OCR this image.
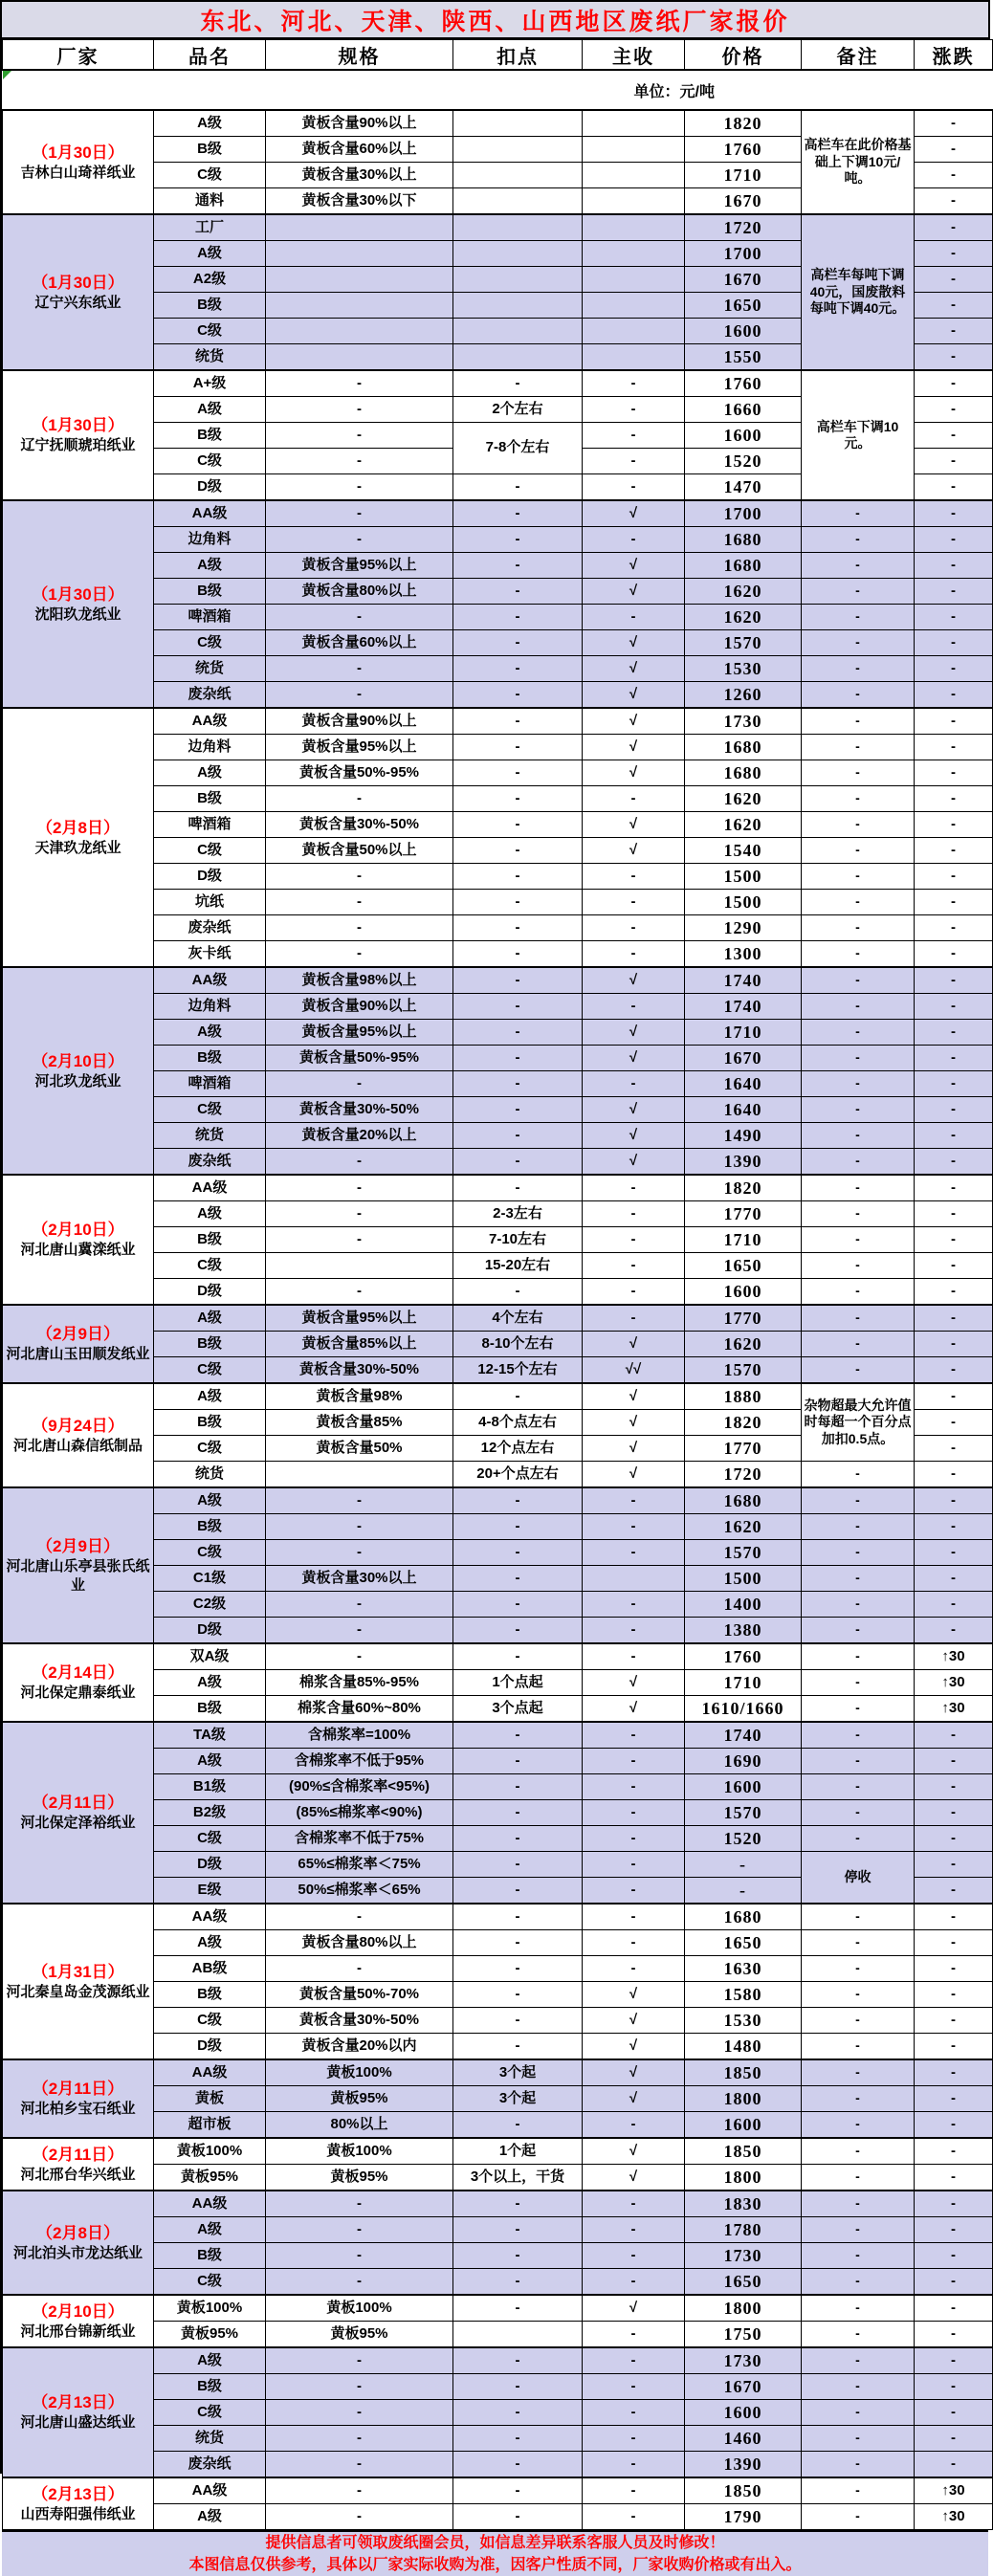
东北、河北、天津、陕西、山西地区废纸厂家报价
厂家	品名	规格	扣点	主收	价格	备注	涨跌
单位：元/吨							

（1月30日）
吉林白山琦祥纸业	A级	黄板含量90%以上			1820	高栏车在此价格基础上下调10元/吨。	-
	B级	黄板含量60%以上			1760		-
	C级	黄板含量30%以上			1710		-
	通料	黄板含量30%以下			1670		-

（1月30日）
辽宁兴东纸业	工厂				1720	高栏车每吨下调40元，国废散料每吨下调40元。	-
	A级				1700		-
	A2级				1670		-
	B级				1650		-
	C级				1600		-
	统货				1550		-

（1月30日）
辽宁抚顺琥珀纸业	A+级	-	-	-	1760	高栏车下调10元。	-
	A级	-	2个左右	-	1660		-
	B级	-	7-8个左右	-	1600		-
	C级	-		-	1520		-
	D级	-	-	-	1470		-

（1月30日）
沈阳玖龙纸业	AA级	-	-	√	1700	-	-
	边角料	-	-	-	1680	-	-
	A级	黄板含量95%以上	-	√	1680	-	-
	B级	黄板含量80%以上	-	√	1620	-	-
	啤酒箱	-	-	-	1620	-	-
	C级	黄板含量60%以上	-	√	1570	-	-
	统货	-	-	√	1530	-	-
	废杂纸	-	-	√	1260	-	-

（2月8日）
天津玖龙纸业	AA级	黄板含量90%以上	-	√	1730	-	-
	边角料	黄板含量95%以上	-	√	1680	-	-
	A级	黄板含量50%-95%	-	√	1680	-	-
	B级	-	-	-	1620	-	-
	啤酒箱	黄板含量30%-50%	-	√	1620	-	-
	C级	黄板含量50%以上	-	√	1540	-	-
	D级	-	-	-	1500	-	-
	坑纸	-	-	-	1500	-	-
	废杂纸	-	-	-	1290	-	-
	灰卡纸	-	-	-	1300	-	-

（2月10日）
河北玖龙纸业	AA级	黄板含量98%以上	-	√	1740	-	-
	边角料	黄板含量90%以上	-	-	1740	-	-
	A级	黄板含量95%以上	-	√	1710	-	-
	B级	黄板含量50%-95%	-	√	1670	-	-
	啤酒箱	-	-	-	1640	-	-
	C级	黄板含量30%-50%	-	√	1640	-	-
	统货	黄板含量20%以上	-	√	1490	-	-
	废杂纸	-	-	√	1390	-	-

（2月10日）
河北唐山冀滦纸业	AA级	-	-	-	1820	-	-
	A级	-	2-3左右	-	1770	-	-
	B级	-	7-10左右	-	1710	-	-
	C级		15-20左右	-	1650	-	-
	D级	-	-	-	1600	-	-

（2月9日）
河北唐山玉田顺发纸业	A级	黄板含量95%以上	4个左右	-	1770	-	-
	B级	黄板含量85%以上	8-10个左右	√	1620	-	-
	C级	黄板含量30%-50%	12-15个左右	√√	1570	-	-

（9月24日）
河北唐山森信纸制品	A级	黄板含量98%	-	√	1880	杂物超最大允许值时每超一个百分点加扣0.5点。	-
	B级	黄板含量85%	4-8个点左右	√	1820		-
	C级	黄板含量50%	12个点左右	√	1770		-
	统货		20+个点左右	√	1720	-	-

（2月9日）
河北唐山乐亭县张氏纸业	A级	-	-	-	1680	-	-
	B级	-	-	-	1620	-	-
	C级	-	-	-	1570	-	-
	C1级	黄板含量30%以上	-		1500	-	-
	C2级	-	-	-	1400	-	-
	D级	-	-	-	1380	-	-

（2月14日）
河北保定鼎泰纸业	双A级	-	-	-	1760	-	↑30
	A级	棉浆含量85%-95%	1个点起	√	1710	-	↑30
	B级	棉浆含量60%~80%	3个点起	√	1610/1660	-	↑30

（2月11日）
河北保定泽裕纸业	TA级	含棉浆率=100%	-	-	1740	-	-
	A级	含棉浆率不低于95%	-	-	1690	-	-
	B1级	(90%≤含棉浆率<95%)	-	-	1600	-	-
	B2级	(85%≤棉浆率<90%)	-	-	1570	-	-
	C级	含棉浆率不低于75%	-	-	1520	-	-
	D级	65%≤棉浆率＜75%	-	-	-	停收	-
	E级	50%≤棉浆率＜65%	-	-	-		-

（1月31日）
河北秦皇岛金茂源纸业	AA级	-	-	-	1680	-	-
	A级	黄板含量80%以上	-	-	1650	-	-
	AB级	-	-	-	1630	-	-
	B级	黄板含量50%-70%	-	√	1580	-	-
	C级	黄板含量30%-50%	-	√	1530	-	-
	D级	黄板含量20%以内	-	√	1480	-	-

（2月11日）
河北柏乡宝石纸业	AA级	黄板100%	3个起	√	1850	-	-
	黄板	黄板95%	3个起	√	1800	-	-
	超市板	80%以上	-	-	1600	-	-

（2月11日）
河北邢台华兴纸业	黄板100%	黄板100%	1个起	√	1850	-	-
	黄板95%	黄板95%	3个以上，干货	√	1800	-	-

（2月8日）
河北泊头市龙达纸业	AA级	-	-	-	1830	-	-
	A级	-	-	-	1780	-	-
	B级	-	-	-	1730	-	-
	C级	-	-	-	1650	-	-

（2月10日）
河北邢台锦新纸业	黄板100%	黄板100%	-	√	1800	-	-
	黄板95%	黄板95%		-	1750	-	-

（2月13日）
河北唐山盛达纸业	A级	-	-	-	1730	-	-
	B级	-	-	-	1670	-	-
	C级	-	-	-	1600	-	-
	统货	-	-	-	1460	-	-
	废杂纸	-	-	-	1390	-	-

（2月13日）
山西寿阳强伟纸业	AA级	-	-	-	1850	-	↑30
	A级	-	-	-	1790	-	↑30
提供信息者可领取废纸圈会员，如信息差异联系客服人员及时修改！
本图信息仅供参考，具体以厂家实际收购为准，因客户性质不同，厂家收购价格或有出入。
